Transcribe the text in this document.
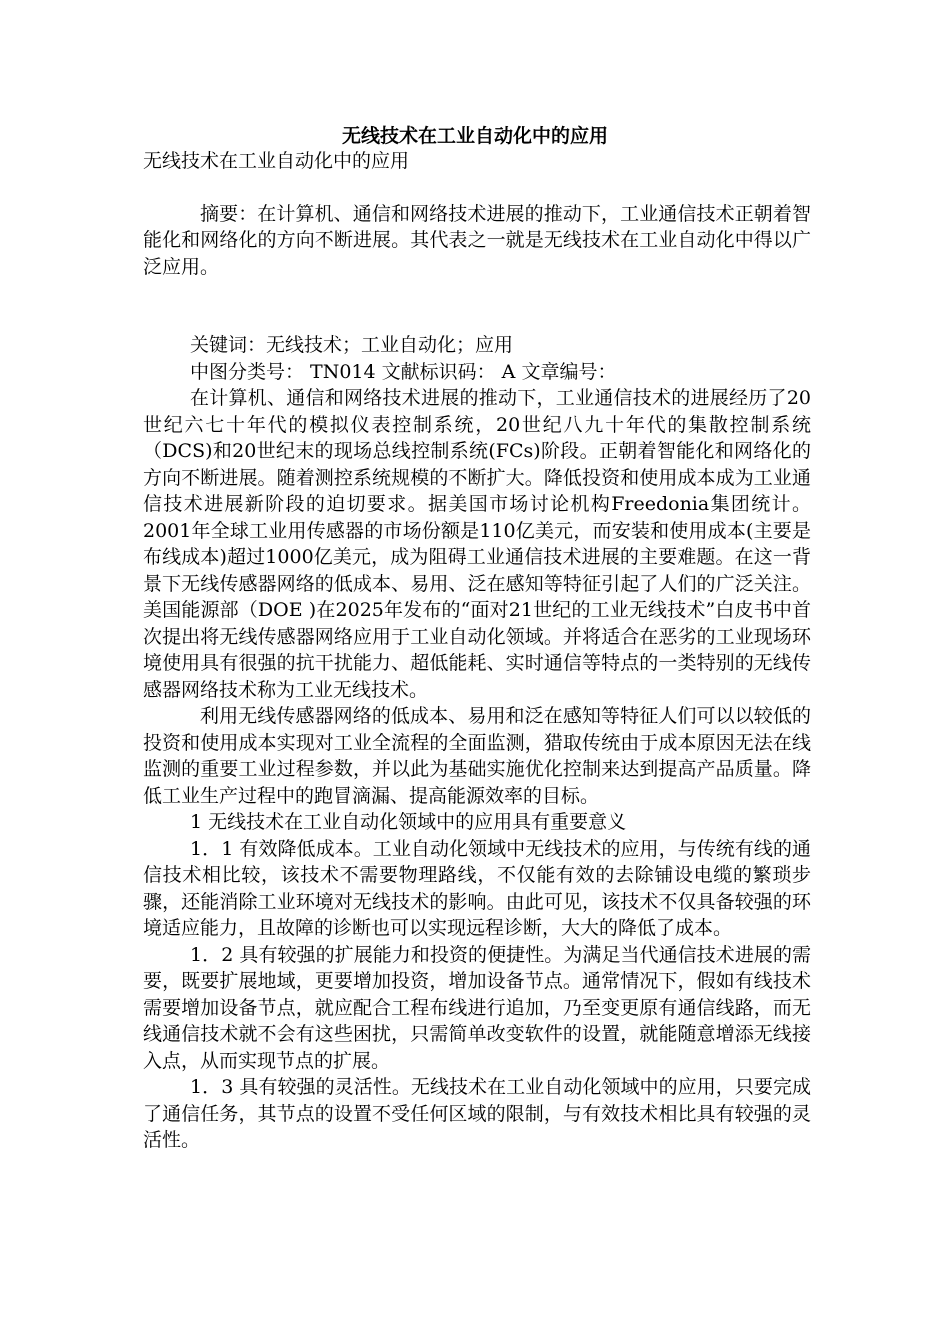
无线技术在工业自动化中的应用

无线技术在工业自动化中的应用

摘要：在计算机、通信和网络技术进展的推动下，工业通信技术正朝着智能化和网络化的方向不断进展。其代表之一就是无线技术在工业自动化中得以广泛应用。

关键词：无线技术；工业自动化；应用

中图分类号： TN014 文献标识码： A 文章编号：

在计算机、通信和网络技术进展的推动下，工业通信技术的进展经历了20世纪六七十年代的模拟仪表控制系统，20世纪八九十年代的集散控制系统（DCS)和20世纪末的现场总线控制系统(FCs)阶段。正朝着智能化和网络化的方向不断进展。随着测控系统规模的不断扩大。降低投资和使用成本成为工业通信技术进展新阶段的迫切要求。据美国市场讨论机构Freedonia集团统计。2001年全球工业用传感器的市场份额是110亿美元，而安装和使用成本(主要是布线成本)超过1000亿美元，成为阻碍工业通信技术进展的主要难题。在这一背景下无线传感器网络的低成本、易用、泛在感知等特征引起了人们的广泛关注。美国能源部（DOE )在2025年发布的“面对21世纪的工业无线技术”白皮书中首次提出将无线传感器网络应用于工业自动化领域。并将适合在恶劣的工业现场环境使用具有很强的抗干扰能力、超低能耗、实时通信等特点的一类特别的无线传感器网络技术称为工业无线技术。

利用无线传感器网络的低成本、易用和泛在感知等特征人们可以以较低的投资和使用成本实现对工业全流程的全面监测，猎取传统由于成本原因无法在线监测的重要工业过程参数，并以此为基础实施优化控制来达到提高产品质量。降低工业生产过程中的跑冒滴漏、提高能源效率的目标。

1 无线技术在工业自动化领域中的应用具有重要意义

1．1 有效降低成本。工业自动化领域中无线技术的应用，与传统有线的通信技术相比较，该技术不需要物理路线，不仅能有效的去除铺设电缆的繁琐步骤，还能消除工业环境对无线技术的影响。由此可见，该技术不仅具备较强的环境适应能力，且故障的诊断也可以实现远程诊断，大大的降低了成本。

1．2 具有较强的扩展能力和投资的便捷性。为满足当代通信技术进展的需要，既要扩展地域，更要增加投资，增加设备节点。通常情况下，假如有线技术需要增加设备节点，就应配合工程布线进行追加，乃至变更原有通信线路，而无线通信技术就不会有这些困扰，只需简单改变软件的设置，就能随意增添无线接入点，从而实现节点的扩展。

1．3 具有较强的灵活性。无线技术在工业自动化领域中的应用，只要完成了通信任务，其节点的设置不受任何区域的限制，与有效技术相比具有较强的灵活性。
